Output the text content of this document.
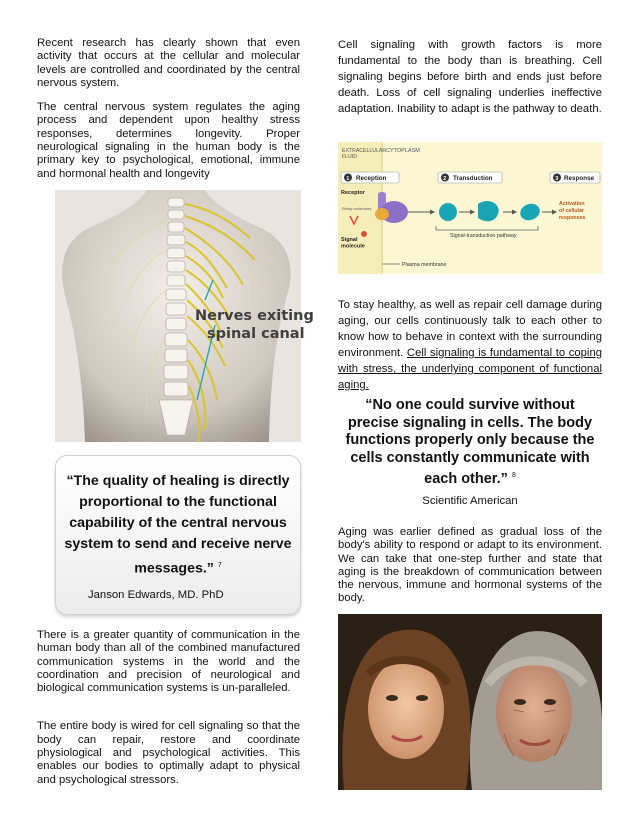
Recent research has clearly shown that even activity that occurs at the cellular and molecular levels are controlled and coordinated by the central nervous system.

The central nervous system regulates the aging process and dependent upon healthy stress responses, determines longevity. Proper neurological signaling in the human body is the primary key to psychological, emotional, immune and hormonal health and longevity

Nerves exiting
spinal canal
“The quality of healing is directly proportional to the functional capability of the central nervous system to send and receive nerve messages.” $^7$
Janson Edwards, MD. PhD

There is a greater quantity of communication in the human body than all of the combined manufactured communication systems in the world and the coordination and precision of neurological and biological communication systems is un-paralleled.

The entire body is wired for cell signaling so that the body can repair, restore and coordinate physiological and psychological activities. This enables our bodies to optimally adapt to physical and psychological stressors.

Cell signaling with growth factors is more fundamental to the body than is breathing. Cell signaling begins before birth and ends just before death. Loss of cell signaling underlies ineffective adaptation. Inability to adapt is the pathway to death.

EXTRACELLULAR FLUID
CYTOPLASM
1 Reception	2 Transduction	3 Response
Receptor
Relay molecules
Signal molecule
Activation
of cellular
responses
Signal-transduction pathway
Plasma membrane

To stay healthy, as well as repair cell damage during aging, our cells continuously talk to each other to know how to behave in context with the surrounding environment. Cell signaling is fundamental to coping with stress, the underlying component of functional aging.

“No one could survive without precise signaling in cells. The body functions properly only because the cells constantly communicate with each other.” $^8$
Scientific American

Aging was earlier defined as gradual loss of the body's ability to respond or adapt to its environment. We can take that one-step further and state that aging is the breakdown of communication between the nervous, immune and hormonal systems of the body.
